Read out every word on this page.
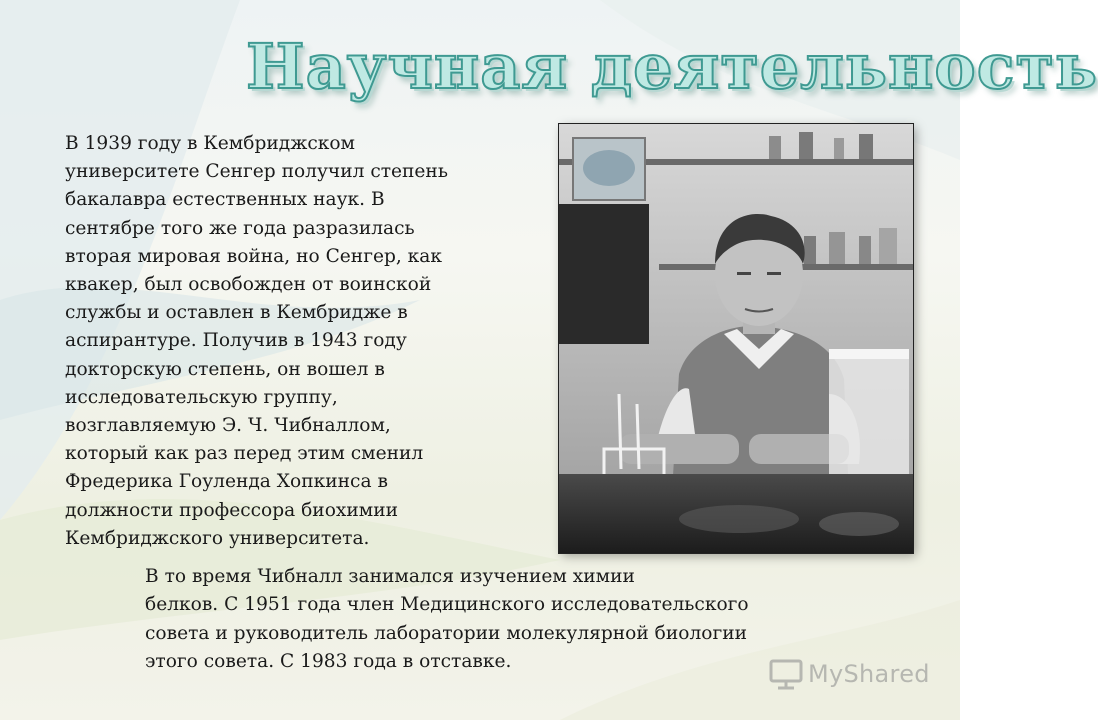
Научная деятельность

В 1939 году в Кембриджском
университете Сенгер получил степень
бакалавра естественных наук. В
сентябре того же года разразилась
вторая мировая война, но Сенгер, как
квакер, был освобожден от воинской
службы и оставлен в Кембридже в
аспирантуре. Получив в 1943 году
докторскую степень, он вошел в
исследовательскую группу,
возглавляемую Э. Ч. Чибналлом,
который как раз перед этим сменил
Фредерика Гоуленда Хопкинса в
должности профессора биохимии
Кембриджского университета.

В то время Чибналл занимался изучением химии
белков. С 1951 года член Медицинского исследовательского
совета и руководитель лаборатории молекулярной биологии
этого совета. С 1983 года в отставке.	MyShared
